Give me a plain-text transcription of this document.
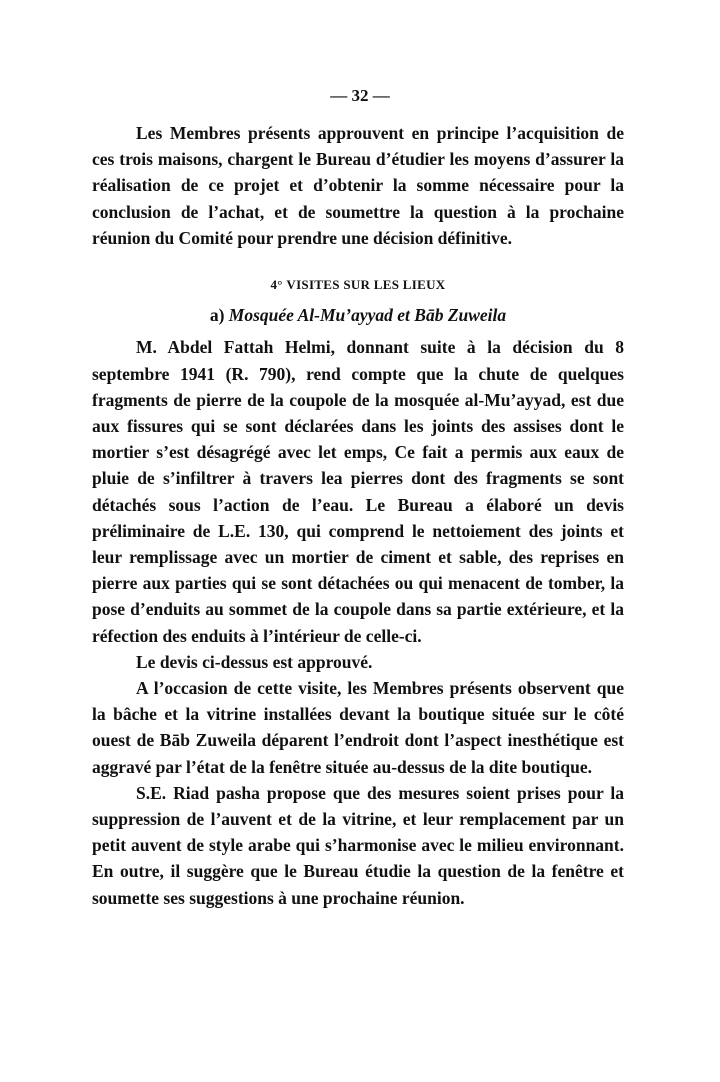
— 32 —

Les Membres présents approuvent en principe l’acquisition de ces trois maisons, chargent le Bureau d’étudier les moyens d’assurer la réalisation de ce projet et d’obtenir la somme nécessaire pour la conclusion de l’achat, et de soumettre la question à la prochaine réunion du Comité pour prendre une décision définitive.

4° VISITES SUR LES LIEUX
a) Mosquée Al-Mu’ayyad et Bāb Zuweila

M. Abdel Fattah Helmi, donnant suite à la décision du 8 septembre 1941 (R. 790), rend compte que la chute de quelques fragments de pierre de la coupole de la mosquée al-Mu’ayyad, est due aux fissures qui se sont déclarées dans les joints des assises dont le mortier s’est désagrégé avec let emps, Ce fait a permis aux eaux de pluie de s’infiltrer à travers lea pierres dont des fragments se sont détachés sous l’action de l’eau. Le Bureau a élaboré un devis préliminaire de L.E. 130, qui comprend le nettoiement des joints et leur remplissage avec un mortier de ciment et sable, des reprises en pierre aux parties qui se sont détachées ou qui menacent de tomber, la pose d’enduits au sommet de la coupole dans sa partie extérieure, et la réfection des enduits à l’intérieur de celle-ci.

Le devis ci-dessus est approuvé.

A l’occasion de cette visite, les Membres présents observent que la bâche et la vitrine installées devant la boutique située sur le côté ouest de Bāb Zuweila déparent l’endroit dont l’aspect inesthétique est aggravé par l’état de la fenêtre située au-dessus de la dite boutique.

S.E. Riad pasha propose que des mesures soient prises pour la suppression de l’auvent et de la vitrine, et leur remplacement par un petit auvent de style arabe qui s’harmonise avec le milieu environnant. En outre, il suggère que le Bureau étudie la question de la fenêtre et soumette ses suggestions à une prochaine réunion.
